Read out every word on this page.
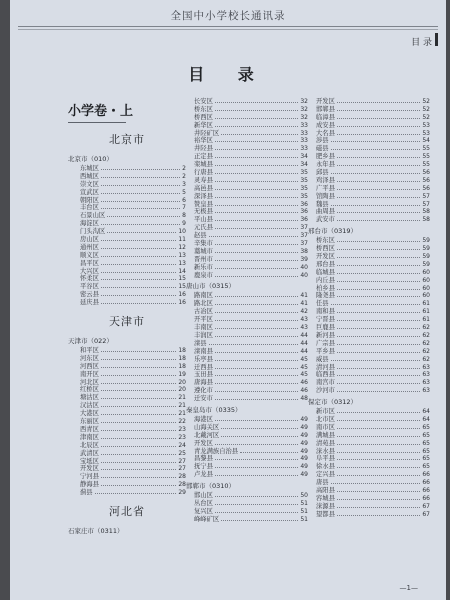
全国中小学校长通讯录
目 录
目 录
小学卷・上
北京市
北京市（010）
东城区	2
西城区	2
崇文区	3
宣武区	5
朝阳区	6
丰台区	7
石景山区	8
海淀区	9
门头沟区	10
房山区	11
通州区	12
顺义区	13
昌平区	13
大兴区	14
怀柔区	15
平谷区	15
密云县	16
延庆县	16
天津市
天津市（022）
和平区	18
河东区	18
河西区	18
南开区	19
河北区	20
红桥区	20
塘沽区	21
汉沽区	21
大港区	21
东丽区	22
西青区	23
津南区	23
北辰区	24
武清区	25
宝坻区	27
开发区	27
宁河县	28
静海县	28
蓟县	29
河北省
石家庄市（0311）
长安区	32
桥东区	32
桥西区	32
新华区	33
井陉矿区	33
裕华区	33
井陉县	33
正定县	34
栾城县	34
行唐县	35
灵寿县	35
高邑县	35
深泽县	35
赞皇县	36
无极县	36
平山县	36
元氏县	37
赵县	37
辛集市	37
藁城市	38
晋州市	39
新乐市	40
鹿泉市	40
唐山市（0315）
路南区	41
路北区	41
古冶区	42
开平区	43
丰南区	43
丰润区	44
滦县	44
滦南县	44
乐亭县	45
迁西县	45
玉田县	45
唐海县	46
遵化市	46
迁安市	48
秦皇岛市（0335）
海港区	49
山海关区	49
北戴河区	49
开发区	49
青龙满族自治县	49
昌黎县	49
抚宁县	49
卢龙县	49
邯郸市（0310）
邯山区	50
丛台区	51
复兴区	51
峰峰矿区	51
开发区	52
邯郸县	52
临漳县	52
成安县	53
大名县	53
涉县	54
磁县	55
肥乡县	55
永年县	55
邱县	56
鸡泽县	56
广平县	56
馆陶县	57
魏县	57
曲周县	58
武安市	58
邢台市（0319）
桥东区	59
桥西区	59
开发区	59
邢台县	59
临城县	60
内丘县	60
柏乡县	60
隆尧县	60
任县	61
南和县	61
宁晋县	61
巨鹿县	62
新河县	62
广宗县	62
平乡县	62
威县	62
清河县	63
临西县	63
南宫市	63
沙河市	63
保定市（0312）
新市区	64
北市区	64
南市区	65
满城县	65
清苑县	65
涞水县	65
阜平县	65
徐水县	65
定兴县	66
唐县	66
高阳县	66
容城县	66
涞源县	67
望都县	67
—1—
